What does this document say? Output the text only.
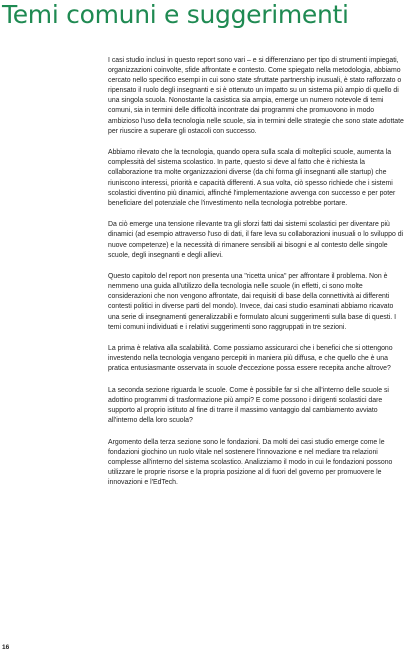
Temi comuni e suggerimenti

I casi studio inclusi in questo report sono vari – e si differenziano per tipo di strumenti impiegati, organizzazioni coinvolte, sfide affrontate e contesto. Come spiegato nella metodologia, abbiamo cercato nello specifico esempi in cui sono state sfruttate partnership inusuali, è stato rafforzato o ripensato il ruolo degli insegnanti e si è ottenuto un impatto su un sistema più ampio di quello di una singola scuola. Nonostante la casistica sia ampia, emerge un numero notevole di temi comuni, sia in termini delle difficoltà incontrate dai programmi che promuovono in modo ambizioso l'uso della tecnologia nelle scuole, sia in termini delle strategie che sono state adottate per riuscire a superare gli ostacoli con successo.

Abbiamo rilevato che la tecnologia, quando opera sulla scala di molteplici scuole, aumenta la complessità del sistema scolastico. In parte, questo si deve al fatto che è richiesta la collaborazione tra molte organizzazioni diverse (da chi forma gli insegnanti alle startup) che riuniscono interessi, priorità e capacità differenti. A sua volta, ciò spesso richiede che i sistemi scolastici diventino più dinamici, affinché l'implementazione avvenga con successo e per poter beneficiare del potenziale che l'investimento nella tecnologia potrebbe portare.

Da ciò emerge una tensione rilevante tra gli sforzi fatti dai sistemi scolastici per diventare più dinamici (ad esempio attraverso l'uso di dati, il fare leva su collaborazioni inusuali o lo sviluppo di nuove competenze) e la necessità di rimanere sensibili ai bisogni e al contesto delle singole scuole, degli insegnanti e degli allievi.

Questo capitolo del report non presenta una "ricetta unica" per affrontare il problema. Non è nemmeno una guida all'utilizzo della tecnologia nelle scuole (in effetti, ci sono molte considerazioni che non vengono affrontate, dai requisiti di base della connettività ai differenti contesti politici in diverse parti del mondo). Invece, dai casi studio esaminati abbiamo ricavato una serie di insegnamenti generalizzabili e formulato alcuni suggerimenti sulla base di questi. I temi comuni individuati e i relativi suggerimenti sono raggruppati in tre sezioni.

La prima è relativa alla scalabilità. Come possiamo assicurarci che i benefici che si ottengono investendo nella tecnologia vengano percepiti in maniera più diffusa, e che quello che è una pratica entusiasmante osservata in scuole d'eccezione possa essere recepita anche altrove?

La seconda sezione riguarda le scuole. Come è possibile far sì che all'interno delle scuole si adottino programmi di trasformazione più ampi? E come possono i dirigenti scolastici dare supporto al proprio istituto al fine di trarre il massimo vantaggio dal cambiamento avviato all'interno della loro scuola?

Argomento della terza sezione sono le fondazioni. Da molti dei casi studio emerge come le fondazioni giochino un ruolo vitale nel sostenere l'innovazione e nel mediare tra relazioni complesse all'interno del sistema scolastico. Analizziamo il modo in cui le fondazioni possono utilizzare le proprie risorse e la propria posizione al di fuori del governo per promuovere le innovazioni e l'EdTech.

16
